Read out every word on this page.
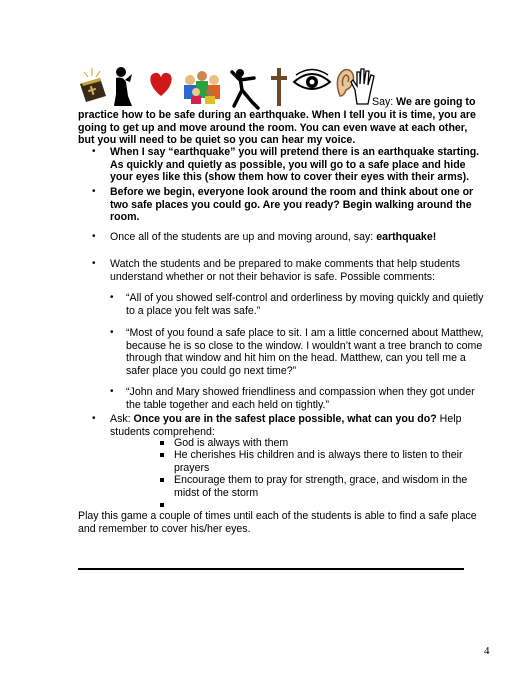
Say: We are going to
practice how to be safe during an earthquake. When I tell you it is time, you are
going to get up and move around the room. You can even wave at each other,
but you will need to be quiet so you can hear my voice.
• When I say “earthquake” you will pretend there is an earthquake starting.
As quickly and quietly as possible, you will go to a safe place and hide
your eyes like this (show them how to cover their eyes with their arms).
• Before we begin, everyone look around the room and think about one or
two safe places you could go. Are you ready? Begin walking around the
room.
• Once all of the students are up and moving around, say: earthquake!
• Watch the students and be prepared to make comments that help students
understand whether or not their behavior is safe. Possible comments:
• “All of you showed self-control and orderliness by moving quickly and quietly
to a place you felt was safe.”
• “Most of you found a safe place to sit. I am a little concerned about Matthew,
because he is so close to the window. I wouldn’t want a tree branch to come
through that window and hit him on the head. Matthew, can you tell me a
safer place you could go next time?”
• “John and Mary showed friendliness and compassion when they got under
the table together and each held on tightly.”
• Ask: Once you are in the safest place possible, what can you do? Help
students comprehend:
God is always with them
He cherishes His children and is always there to listen to their
prayers
Encourage them to pray for strength, grace, and wisdom in the
midst of the storm
Play this game a couple of times until each of the students is able to find a safe place
and remember to cover his/her eyes.
4
